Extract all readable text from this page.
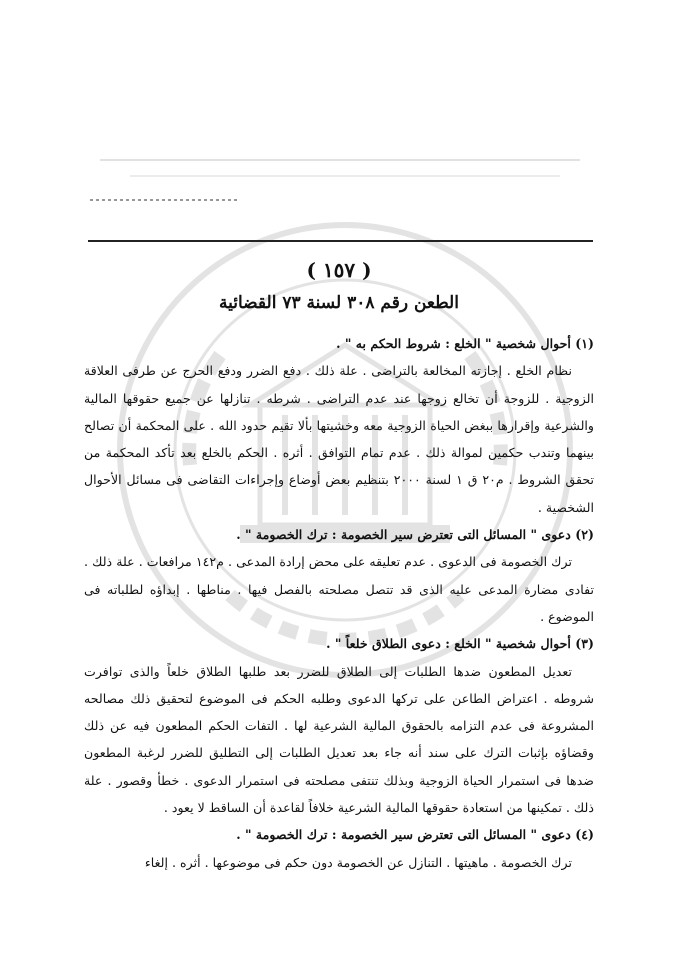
( ١٥٧ )
الطعن رقم ٣٠٨ لسنة ٧٣ القضائية
(١) أحوال شخصية " الخلع : شروط الحكم به " .
نظام الخلع . إجازته المخالعة بالتراضى . علة ذلك . دفع الضرر ودفع الحرج عن طرفى العلاقة الزوجية . للزوجة أن تخالع زوجها عند عدم التراضى . شرطه . تنازلها عن جميع حقوقها المالية والشرعية وإقرارها ببغض الحياة الزوجية معه وخشيتها بألا تقيم حدود الله . على المحكمة أن تصالح بينهما وتندب حكمين لموالة ذلك . عدم تمام التوافق . أثره . الحكم بالخلع بعد تأكد المحكمة من تحقق الشروط . م٢٠ ق ١ لسنة ٢٠٠٠ بتنظيم بعض أوضاع وإجراءات التقاضى فى مسائل الأحوال الشخصية .
(٢) دعوى " المسائل التى تعترض سير الخصومة : ترك الخصومة " .
ترك الخصومة فى الدعوى . عدم تعليقه على محض إرادة المدعى . م١٤٢ مرافعات . علة ذلك . تفادى مضارة المدعى عليه الذى قد تتصل مصلحته بالفصل فيها . مناطها . إبداؤه لطلباته فى الموضوع .
(٣) أحوال شخصية " الخلع : دعوى الطلاق خلعاً " .
تعديل المطعون ضدها الطلبات إلى الطلاق للضرر بعد طلبها الطلاق خلعاً والذى توافرت شروطه . اعتراض الطاعن على تركها الدعوى وطلبه الحكم فى الموضوع لتحقيق ذلك مصالحه المشروعة فى عدم التزامه بالحقوق المالية الشرعية لها . التفات الحكم المطعون فيه عن ذلك وقضاؤه بإثبات الترك على سند أنه جاء بعد تعديل الطلبات إلى التطليق للضرر لرغبة المطعون ضدها فى استمرار الحياة الزوجية وبذلك تنتفى مصلحته فى استمرار الدعوى . خطأ وقصور . علة ذلك . تمكينها من استعادة حقوقها المالية الشرعية خلافاً لقاعدة أن الساقط لا يعود .
(٤) دعوى " المسائل التى تعترض سير الخصومة : ترك الخصومة " .
ترك الخصومة . ماهيتها . التنازل عن الخصومة دون حكم فى موضوعها . أثره . إلغاء
